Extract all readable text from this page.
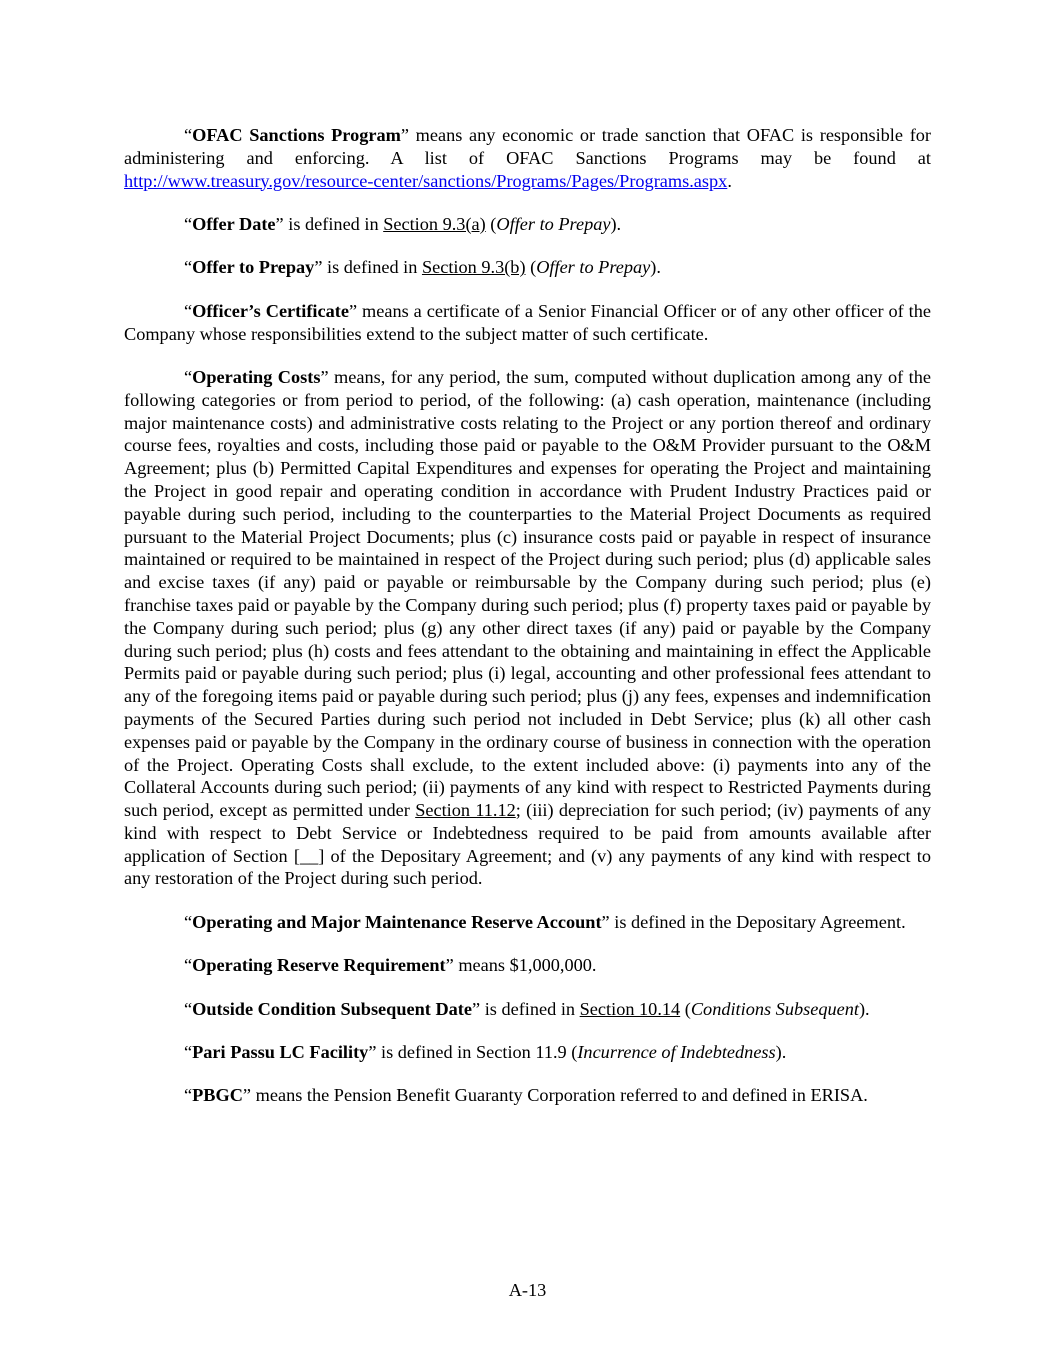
“OFAC Sanctions Program” means any economic or trade sanction that OFAC is responsible for administering and enforcing. A list of OFAC Sanctions Programs may be found at http://www.treasury.gov/resource-center/sanctions/Programs/Pages/Programs.aspx.

“Offer Date” is defined in Section 9.3(a) (Offer to Prepay).

“Offer to Prepay” is defined in Section 9.3(b) (Offer to Prepay).

“Officer’s Certificate” means a certificate of a Senior Financial Officer or of any other officer of the Company whose responsibilities extend to the subject matter of such certificate.

“Operating Costs” means, for any period, the sum, computed without duplication among any of the following categories or from period to period, of the following: (a) cash operation, maintenance (including major maintenance costs) and administrative costs relating to the Project or any portion thereof and ordinary course fees, royalties and costs, including those paid or payable to the O&M Provider pursuant to the O&M Agreement; plus (b) Permitted Capital Expenditures and expenses for operating the Project and maintaining the Project in good repair and operating condition in accordance with Prudent Industry Practices paid or payable during such period, including to the counterparties to the Material Project Documents as required pursuant to the Material Project Documents; plus (c) insurance costs paid or payable in respect of insurance maintained or required to be maintained in respect of the Project during such period; plus (d) applicable sales and excise taxes (if any) paid or payable or reimbursable by the Company during such period; plus (e) franchise taxes paid or payable by the Company during such period; plus (f) property taxes paid or payable by the Company during such period; plus (g) any other direct taxes (if any) paid or payable by the Company during such period; plus (h) costs and fees attendant to the obtaining and maintaining in effect the Applicable Permits paid or payable during such period; plus (i) legal, accounting and other professional fees attendant to any of the foregoing items paid or payable during such period; plus (j) any fees, expenses and indemnification payments of the Secured Parties during such period not included in Debt Service; plus (k) all other cash expenses paid or payable by the Company in the ordinary course of business in connection with the operation of the Project. Operating Costs shall exclude, to the extent included above: (i) payments into any of the Collateral Accounts during such period; (ii) payments of any kind with respect to Restricted Payments during such period, except as permitted under Section 11.12; (iii) depreciation for such period; (iv) payments of any kind with respect to Debt Service or Indebtedness required to be paid from amounts available after application of Section [__] of the Depositary Agreement; and (v) any payments of any kind with respect to any restoration of the Project during such period.

“Operating and Major Maintenance Reserve Account” is defined in the Depositary Agreement.

“Operating Reserve Requirement” means $1,000,000.

“Outside Condition Subsequent Date” is defined in Section 10.14 (Conditions Subsequent).

“Pari Passu LC Facility” is defined in Section 11.9 (Incurrence of Indebtedness).

“PBGC” means the Pension Benefit Guaranty Corporation referred to and defined in ERISA.

A-13
